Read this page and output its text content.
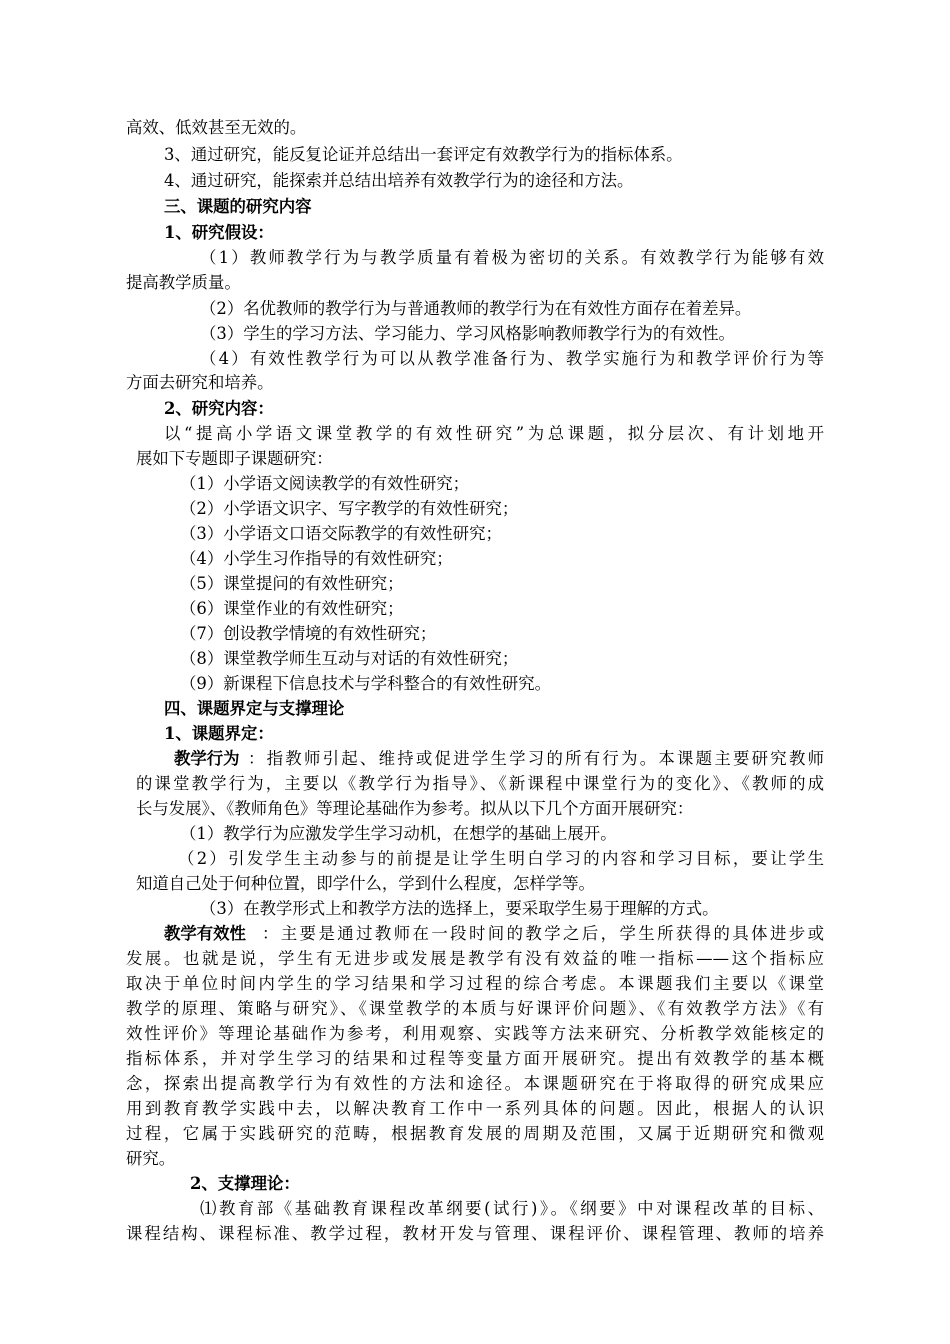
高效、低效甚至无效的。
3、通过研究，能反复论证并总结出一套评定有效教学行为的指标体系。
4、通过研究，能探索并总结出培养有效教学行为的途径和方法。
三、课题的研究内容
1、研究假设：
（1）教师教学行为与教学质量有着极为密切的关系。有效教学行为能够有效
提高教学质量。
（2）名优教师的教学行为与普通教师的教学行为在有效性方面存在着差异。
（3）学生的学习方法、学习能力、学习风格影响教师教学行为的有效性。
（4）有效性教学行为可以从教学准备行为、教学实施行为和教学评价行为等
方面去研究和培养。
2、研究内容：
以“提高小学语文课堂教学的有效性研究”为总课题，拟分层次、有计划地开
展如下专题即子课题研究：
（1）小学语文阅读教学的有效性研究；
（2）小学语文识字、写字教学的有效性研究；
（3）小学语文口语交际教学的有效性研究；
（4）小学生习作指导的有效性研究；
（5）课堂提问的有效性研究；
（6）课堂作业的有效性研究；
（7）创设教学情境的有效性研究；
（8）课堂教学师生互动与对话的有效性研究；
（9）新课程下信息技术与学科整合的有效性研究。
四、课题界定与支撑理论
1、课题界定：
教学行为 ：指教师引起、维持或促进学生学习的所有行为。本课题主要研究教师
的课堂教学行为，主要以《教学行为指导》、《新课程中课堂行为的变化》、《教师的成
长与发展》、《教师角色》等理论基础作为参考。拟从以下几个方面开展研究：
（1）教学行为应激发学生学习动机，在想学的基础上展开。
（2）引发学生主动参与的前提是让学生明白学习的内容和学习目标，要让学生
知道自己处于何种位置，即学什么，学到什么程度，怎样学等。
（3）在教学形式上和教学方法的选择上，要采取学生易于理解的方式。
教学有效性 ：主要是通过教师在一段时间的教学之后，学生所获得的具体进步或
发展。也就是说，学生有无进步或发展是教学有没有效益的唯一指标——这个指标应
取决于单位时间内学生的学习结果和学习过程的综合考虑。本课题我们主要以《课堂
教学的原理、策略与研究》、《课堂教学的本质与好课评价问题》、《有效教学方法》《有
效性评价》等理论基础作为参考，利用观察、实践等方法来研究、分析教学效能核定的
指标体系，并对学生学习的结果和过程等变量方面开展研究。提出有效教学的基本概
念，探索出提高教学行为有效性的方法和途径。本课题研究在于将取得的研究成果应
用到教育教学实践中去，以解决教育工作中一系列具体的问题。因此，根据人的认识
过程，它属于实践研究的范畴，根据教育发展的周期及范围，又属于近期研究和微观
研究。
2、支撑理论：
⑴教育部《基础教育课程改革纲要(试行)》。《纲要》中对课程改革的目标、
课程结构、课程标准、教学过程，教材开发与管理、课程评价、课程管理、教师的培养
